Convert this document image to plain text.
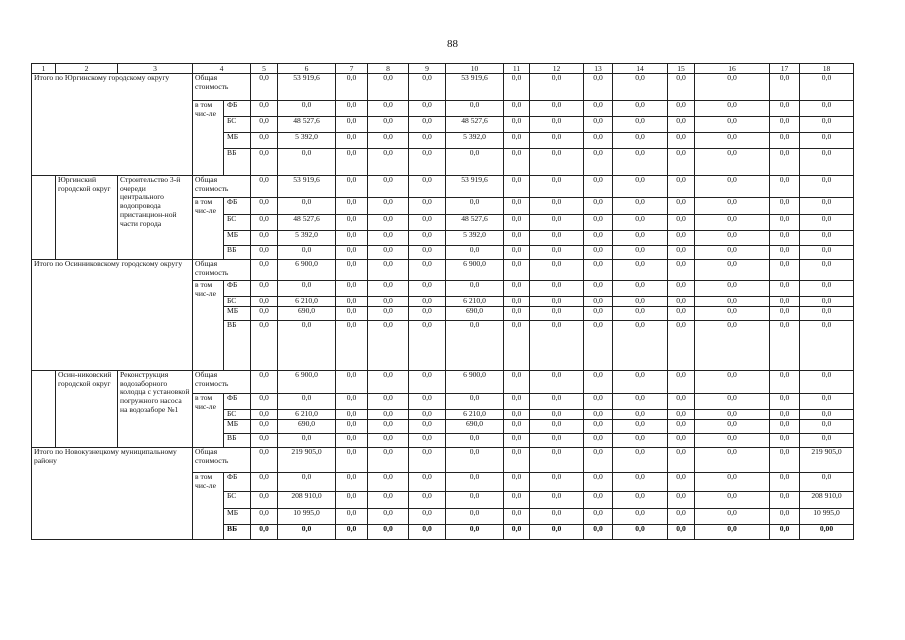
88
1	2	3	4		5	6	7	8	9	10	11	12	13	14	15	16	17	18
Итого по Юргинскому городскому округу			Общая стоимость		0,0	53 919,6	0,0	0,0	0,0	53 919,6	0,0	0,0	0,0	0,0	0,0	0,0	0,0	0,0
			в том чис-ле	ФБ	0,0	0,0	0,0	0,0	0,0	0,0	0,0	0,0	0,0	0,0	0,0	0,0	0,0	0,0
				БС	0,0	48 527,6	0,0	0,0	0,0	48 527,6	0,0	0,0	0,0	0,0	0,0	0,0	0,0	0,0
				МБ	0,0	5 392,0	0,0	0,0	0,0	5 392,0	0,0	0,0	0,0	0,0	0,0	0,0	0,0	0,0
				ВБ	0,0	0,0	0,0	0,0	0,0	0,0	0,0	0,0	0,0	0,0	0,0	0,0	0,0	0,0
	Юргинский городской округ	Строительство 3-й очереди центрального водопровода пристанцион-ной части города	Общая стоимость		0,0	53 919,6	0,0	0,0	0,0	53 919,6	0,0	0,0	0,0	0,0	0,0	0,0	0,0	0,0
			в том чис-ле	ФБ	0,0	0,0	0,0	0,0	0,0	0,0	0,0	0,0	0,0	0,0	0,0	0,0	0,0	0,0
				БС	0,0	48 527,6	0,0	0,0	0,0	48 527,6	0,0	0,0	0,0	0,0	0,0	0,0	0,0	0,0
				МБ	0,0	5 392,0	0,0	0,0	0,0	5 392,0	0,0	0,0	0,0	0,0	0,0	0,0	0,0	0,0
				ВБ	0,0	0,0	0,0	0,0	0,0	0,0	0,0	0,0	0,0	0,0	0,0	0,0	0,0	0,0
Итого по Осинниковскому городскому округу			Общая стоимость		0,0	6 900,0	0,0	0,0	0,0	6 900,0	0,0	0,0	0,0	0,0	0,0	0,0	0,0	0,0
			в том чис-ле	ФБ	0,0	0,0	0,0	0,0	0,0	0,0	0,0	0,0	0,0	0,0	0,0	0,0	0,0	0,0
				БС	0,0	6 210,0	0,0	0,0	0,0	6 210,0	0,0	0,0	0,0	0,0	0,0	0,0	0,0	0,0
				МБ	0,0	690,0	0,0	0,0	0,0	690,0	0,0	0,0	0,0	0,0	0,0	0,0	0,0	0,0
				ВБ	0,0	0,0	0,0	0,0	0,0	0,0	0,0	0,0	0,0	0,0	0,0	0,0	0,0	0,0
	Осин-никовский городской округ	Реконструкция водозаборного колодца с установкой погружного насоса на водозаборе №1	Общая стоимость		0,0	6 900,0	0,0	0,0	0,0	6 900,0	0,0	0,0	0,0	0,0	0,0	0,0	0,0	0,0
			в том чис-ле	ФБ	0,0	0,0	0,0	0,0	0,0	0,0	0,0	0,0	0,0	0,0	0,0	0,0	0,0	0,0
				БС	0,0	6 210,0	0,0	0,0	0,0	6 210,0	0,0	0,0	0,0	0,0	0,0	0,0	0,0	0,0
				МБ	0,0	690,0	0,0	0,0	0,0	690,0	0,0	0,0	0,0	0,0	0,0	0,0	0,0	0,0
				ВБ	0,0	0,0	0,0	0,0	0,0	0,0	0,0	0,0	0,0	0,0	0,0	0,0	0,0	0,0
Итого по Новокузнецкому муниципальному району			Общая стоимость		0,0	219 905,0	0,0	0,0	0,0	0,0	0,0	0,0	0,0	0,0	0,0	0,0	0,0	219 905,0
			в том чис-ле	ФБ	0,0	0,0	0,0	0,0	0,0	0,0	0,0	0,0	0,0	0,0	0,0	0,0	0,0	0,0
				БС	0,0	208 910,0	0,0	0,0	0,0	0,0	0,0	0,0	0,0	0,0	0,0	0,0	0,0	208 910,0
				МБ	0,0	10 995,0	0,0	0,0	0,0	0,0	0,0	0,0	0,0	0,0	0,0	0,0	0,0	10 995,0
				ВБ	0,0	0,0	0,0	0,0	0,0	0,0	0,0	0,0	0,0	0,0	0,0	0,0	0,0	0,00
